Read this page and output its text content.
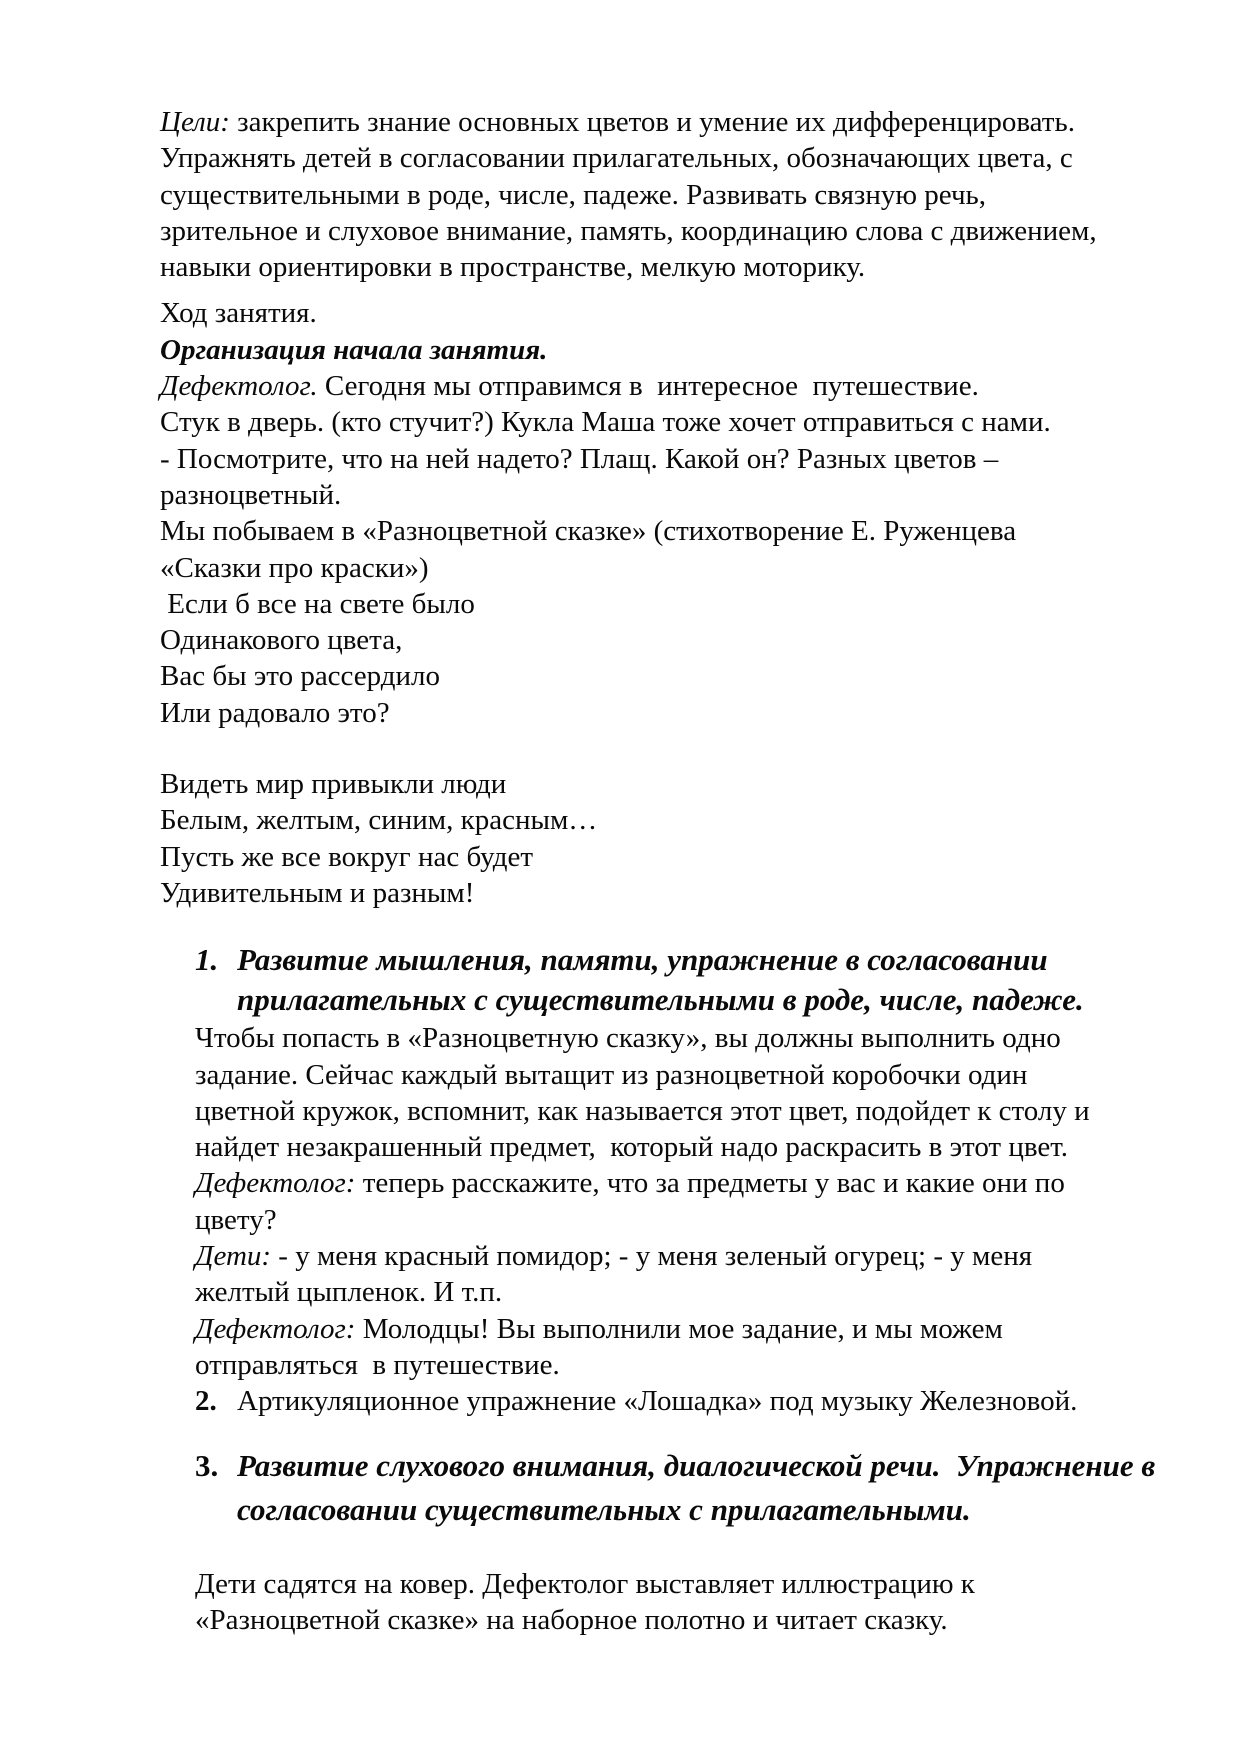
Цели: закрепить знание основных цветов и умение их дифференцировать.
Упражнять детей в согласовании прилагательных, обозначающих цвета, с
существительными в роде, числе, падеже. Развивать связную речь,
зрительное и слуховое внимание, память, координацию слова с движением,
навыки ориентировки в пространстве, мелкую моторику.
Ход занятия.
Организация начала занятия.
Дефектолог. Сегодня мы отправимся в  интересное  путешествие.
Стук в дверь. (кто стучит?) Кукла Маша тоже хочет отправиться с нами.
- Посмотрите, что на ней надето? Плащ. Какой он? Разных цветов –
разноцветный.
Мы побываем в «Разноцветной сказке» (стихотворение Е. Руженцева
«Сказки про краски»)
Если б все на свете было
Одинакового цвета,
Вас бы это рассердило
Или радовало это?
Видеть мир привыкли люди
Белым, желтым, синим, красным…
Пусть же все вокруг нас будет
Удивительным и разным!
1. Развитие мышления, памяти, упражнение в согласовании
прилагательных с существительными в роде, числе, падеже.
Чтобы попасть в «Разноцветную сказку», вы должны выполнить одно
задание. Сейчас каждый вытащит из разноцветной коробочки один
цветной кружок, вспомнит, как называется этот цвет, подойдет к столу и
найдет незакрашенный предмет,  который надо раскрасить в этот цвет.
Дефектолог: теперь расскажите, что за предметы у вас и какие они по
цвету?
Дети: - у меня красный помидор; - у меня зеленый огурец; - у меня
желтый цыпленок. И т.п.
Дефектолог: Молодцы! Вы выполнили мое задание, и мы можем
отправляться  в путешествие.
2. Артикуляционное упражнение «Лошадка» под музыку Железновой.
3. Развитие слухового внимания, диалогической речи.  Упражнение в
согласовании существительных с прилагательными.
Дети садятся на ковер. Дефектолог выставляет иллюстрацию к
«Разноцветной сказке» на наборное полотно и читает сказку.
